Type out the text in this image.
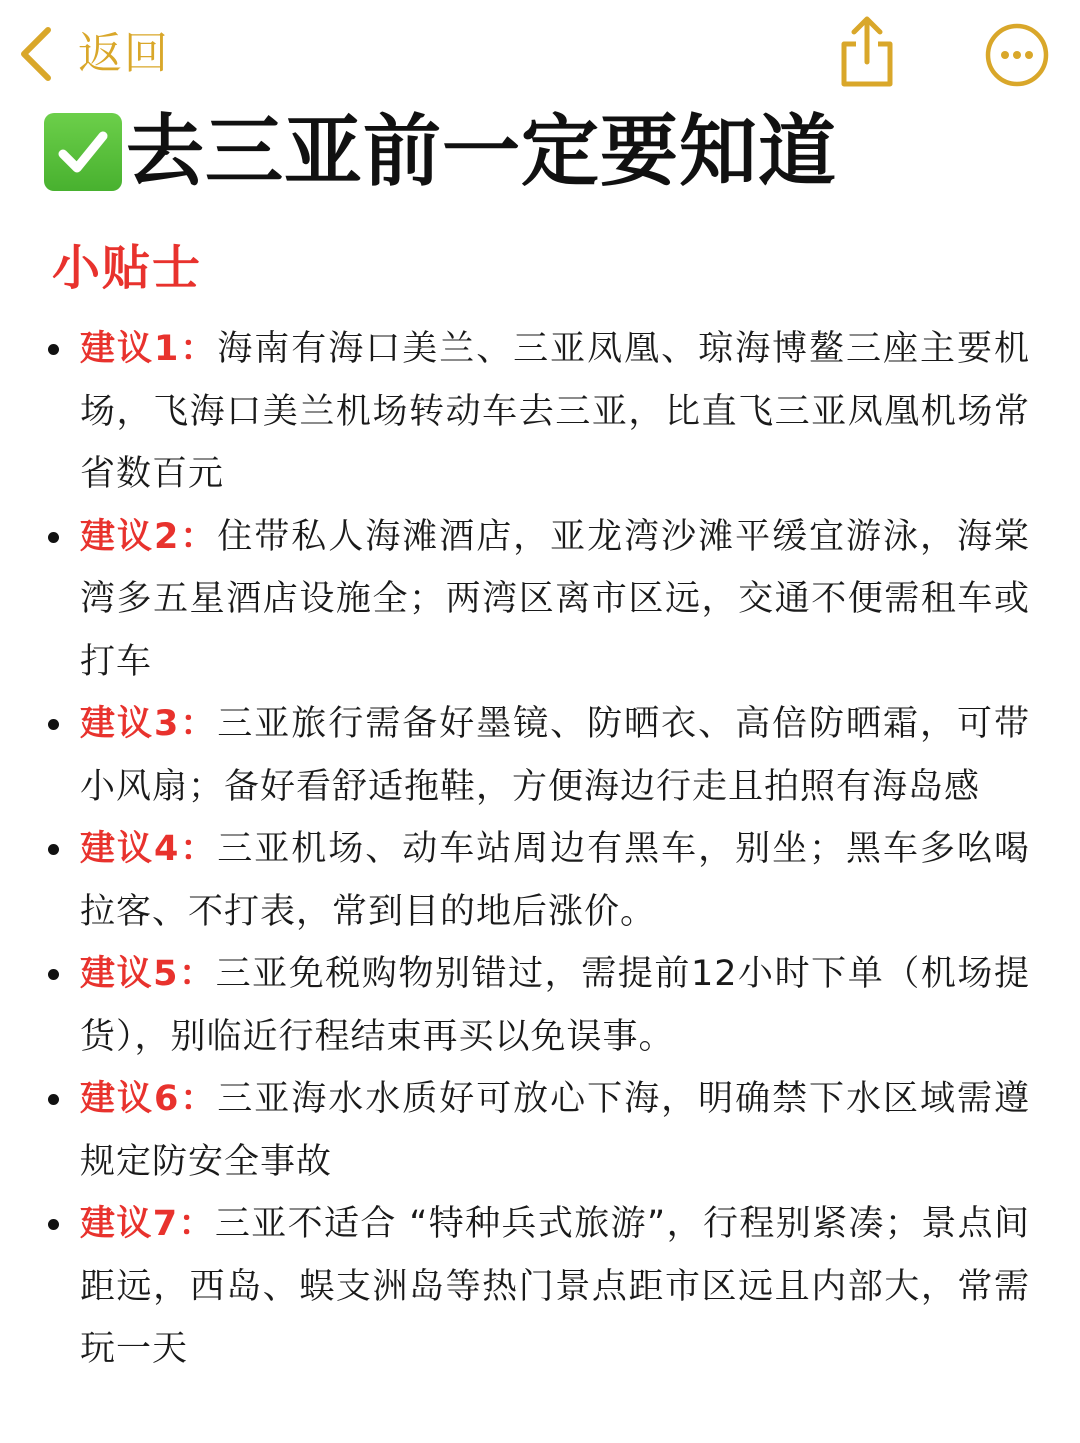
返回
去三亚前一定要知道
小贴士
建议1：海南有海口美兰、三亚凤凰、琼海博鳌三座主要机场，飞海口美兰机场转动车去三亚，比直飞三亚凤凰机场常省数百元
建议2：住带私人海滩酒店，亚龙湾沙滩平缓宜游泳，海棠湾多五星酒店设施全；两湾区离市区远，交通不便需租车或打车
建议3：三亚旅行需备好墨镜、防晒衣、高倍防晒霜，可带小风扇；备好看舒适拖鞋，方便海边行走且拍照有海岛感
建议4：三亚机场、动车站周边有黑车，别坐；黑车多吆喝拉客、不打表，常到目的地后涨价。
建议5：三亚免税购物别错过，需提前12小时下单（机场提货），别临近行程结束再买以免误事。
建议6：三亚海水水质好可放心下海，明确禁下水区域需遵规定防安全事故
建议7：三亚不适合 “特种兵式旅游”，行程别紧凑；景点间距远，西岛、蜈支洲岛等热门景点距市区远且内部大，常需玩一天
